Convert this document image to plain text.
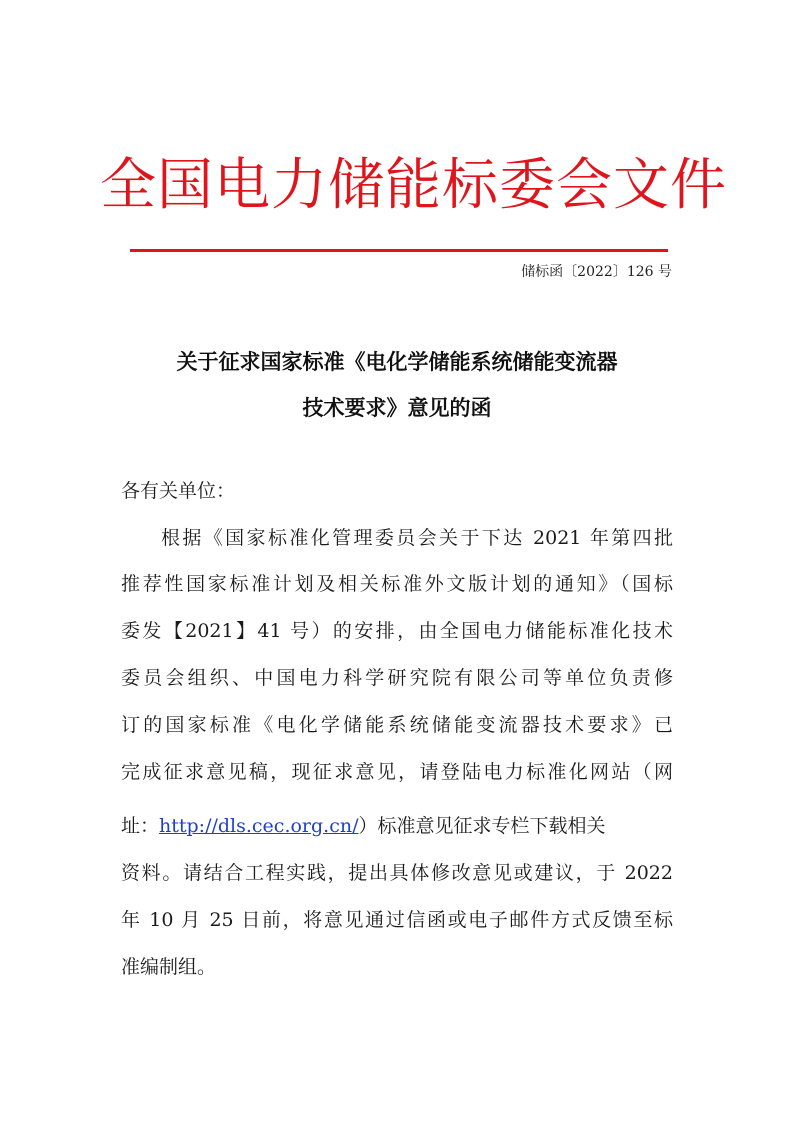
全国电力储能标委会文件
储标函〔2022〕126 号
关于征求国家标准《电化学储能系统储能变流器
技术要求》意见的函
各有关单位：
根据《国家标准化管理委员会关于下达 2021 年第四批
推荐性国家标准计划及相关标准外文版计划的通知》（国标
委发【2021】41 号）的安排，由全国电力储能标准化技术
委员会组织、中国电力科学研究院有限公司等单位负责修
订的国家标准《电化学储能系统储能变流器技术要求》已
完成征求意见稿，现征求意见，请登陆电力标准化网站（网
址：http://dls.cec.org.cn/）标准意见征求专栏下载相关
资料。请结合工程实践，提出具体修改意见或建议，于 2022
年 10 月 25 日前，将意见通过信函或电子邮件方式反馈至标
准编制组。
